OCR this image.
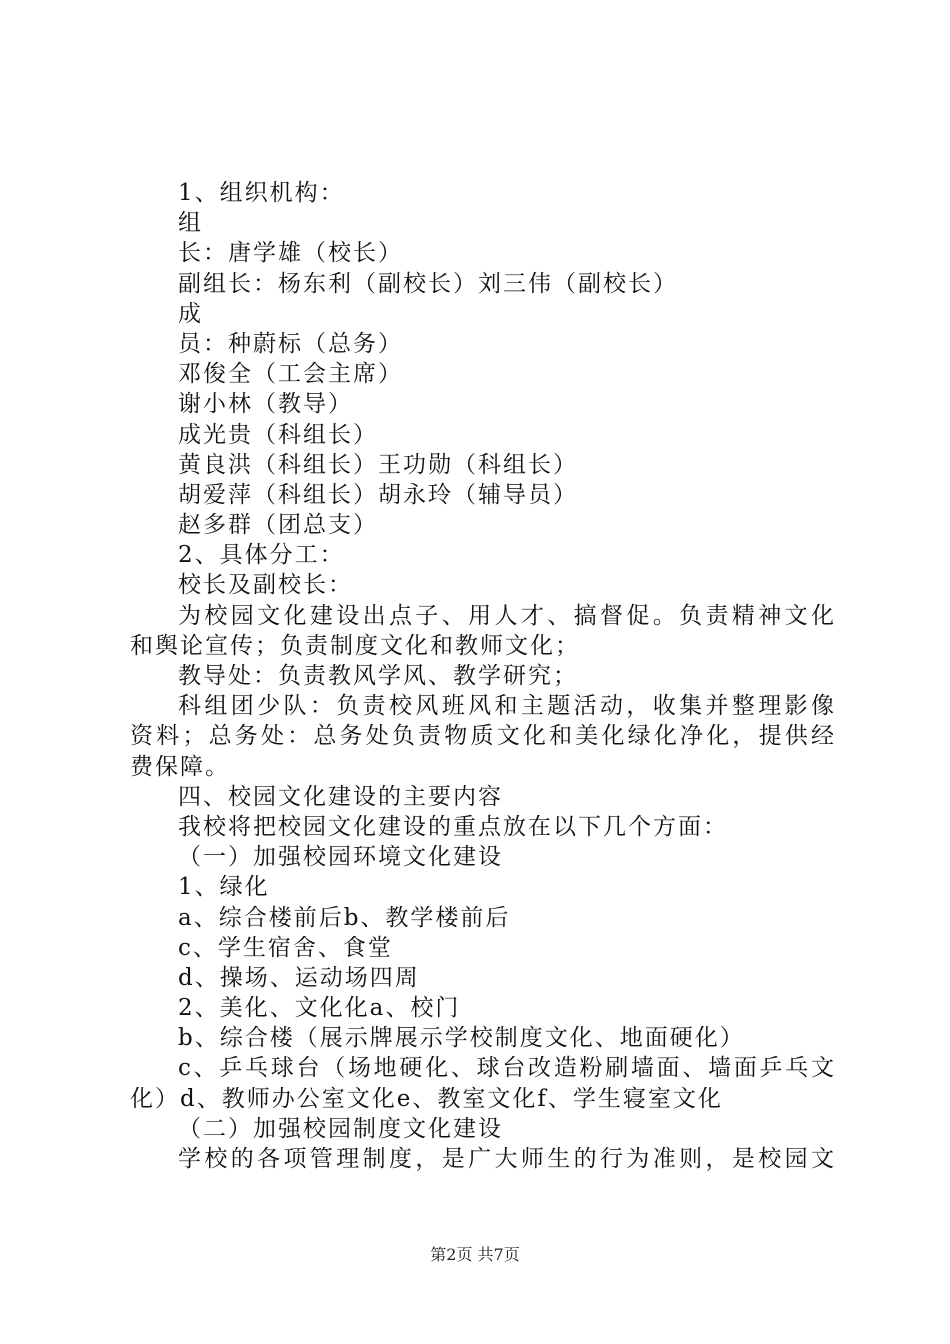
1、组织机构：
组
长：唐学雄（校长）
副组长：杨东利（副校长）刘三伟（副校长）
成
员：种蔚标（总务）
邓俊全（工会主席）
谢小林（教导）
成光贵（科组长）
黄良洪（科组长）王功勋（科组长）
胡爱萍（科组长）胡永玲（辅导员）
赵多群（团总支）
2、具体分工：
校长及副校长：
为校园文化建设出点子、用人才、搞督促。负责精神文化
和舆论宣传；负责制度文化和教师文化；
教导处：负责教风学风、教学研究；
科组团少队：负责校风班风和主题活动，收集并整理影像
资料；总务处：总务处负责物质文化和美化绿化净化，提供经
费保障。
四、校园文化建设的主要内容
我校将把校园文化建设的重点放在以下几个方面：
（一）加强校园环境文化建设
1、绿化
a、综合楼前后b、教学楼前后
c、学生宿舍、食堂
d、操场、运动场四周
2、美化、文化化a、校门
b、综合楼（展示牌展示学校制度文化、地面硬化）
c、乒乓球台（场地硬化、球台改造粉刷墙面、墙面乒乓文
化）d、教师办公室文化e、教室文化f、学生寝室文化
（二）加强校园制度文化建设
学校的各项管理制度，是广大师生的行为准则，是校园文
第2页 共7页
